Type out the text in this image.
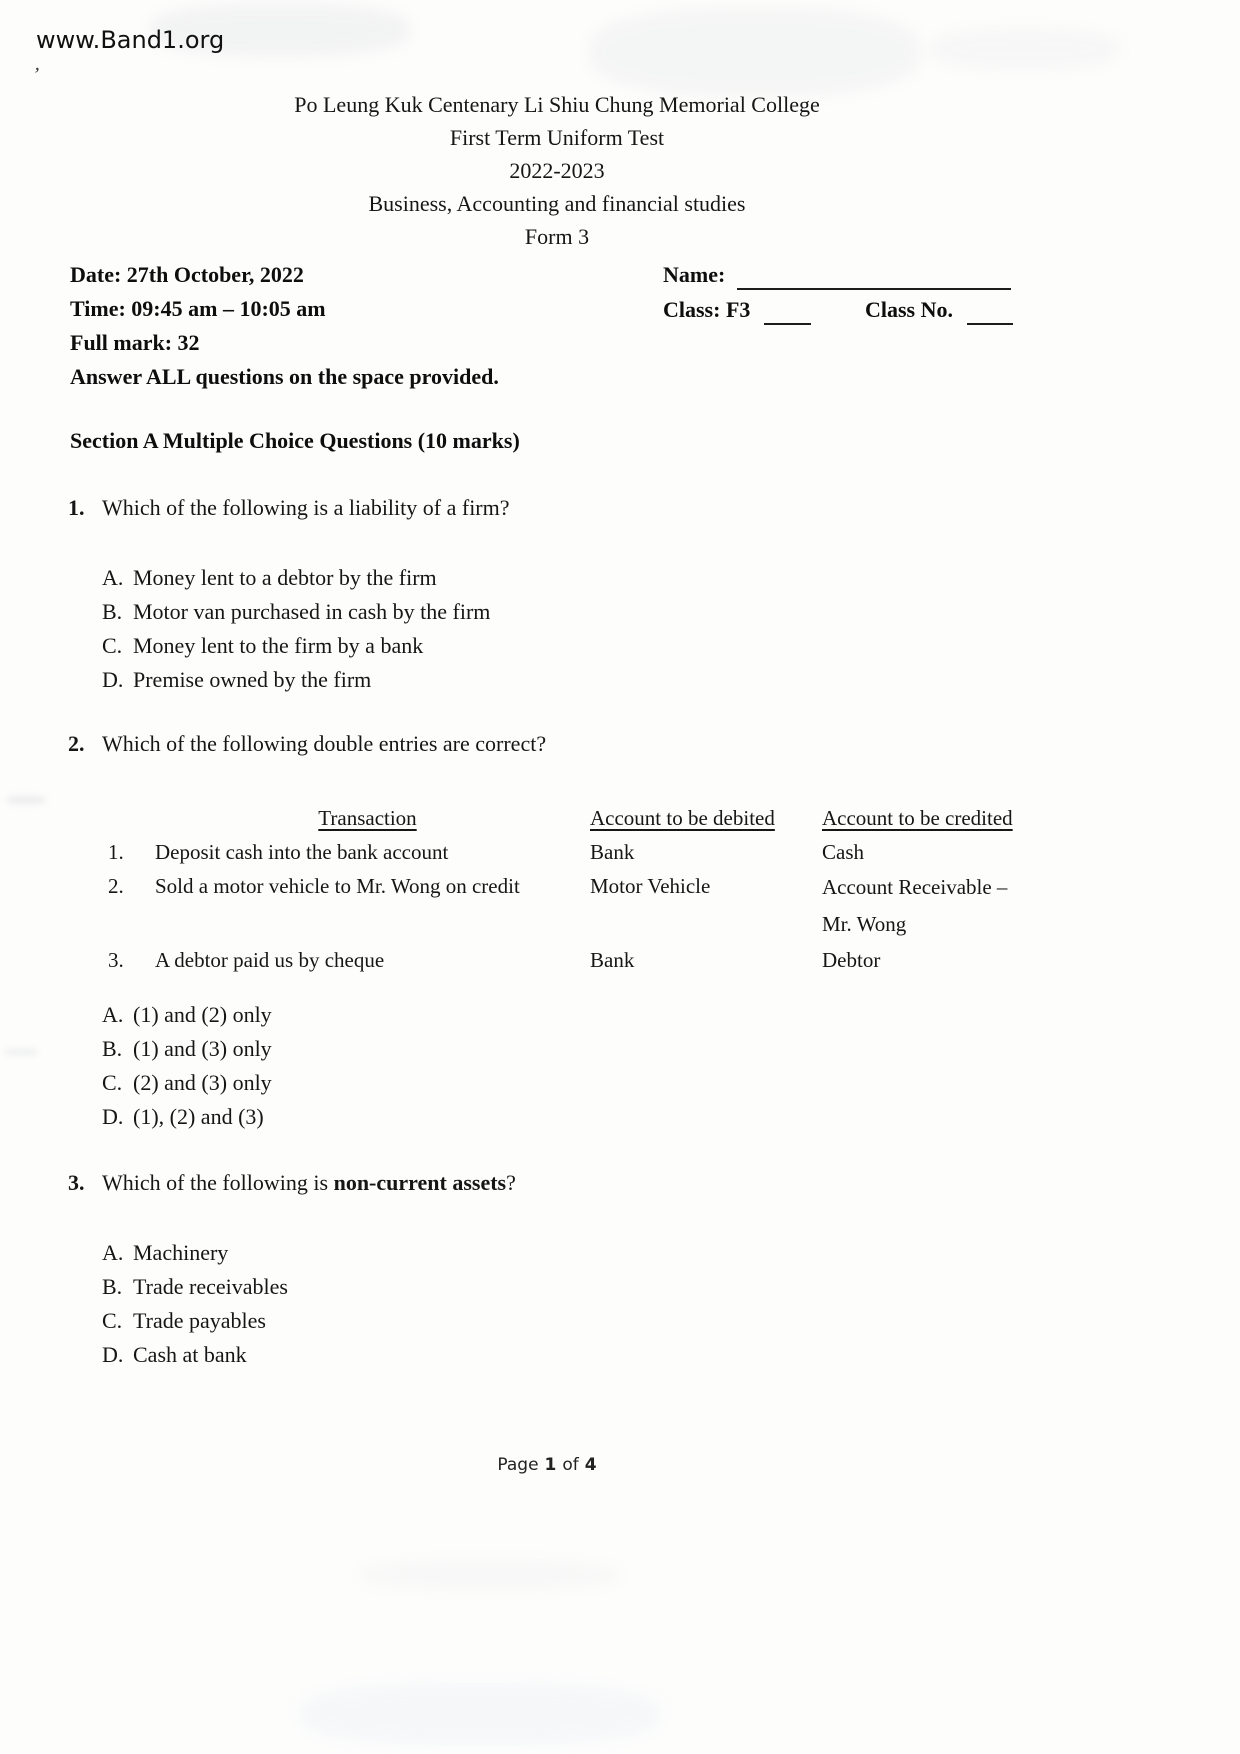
www.Band1.org
ʼ
Po Leung Kuk Centenary Li Shiu Chung Memorial College
First Term Uniform Test
2022-2023
Business, Accounting and financial studies
Form 3
Date: 27th October, 2022
Time: 09:45 am – 10:05 am
Full mark: 32
Answer ALL questions on the space provided.
Name:
Class: F3	Class No.
Section A Multiple Choice Questions (10 marks)
1. Which of the following is a liability of a firm?
A. Money lent to a debtor by the firm
B. Motor van purchased in cash by the firm
C. Money lent to the firm by a bank
D. Premise owned by the firm
2. Which of the following double entries are correct?
Transaction	Account to be debited	Account to be credited
1.	Deposit cash into the bank account	Bank	Cash
2.	Sold a motor vehicle to Mr. Wong on credit	Motor Vehicle	Account Receivable –
Mr. Wong
3.	A debtor paid us by cheque	Bank	Debtor
A. (1) and (2) only
B. (1) and (3) only
C. (2) and (3) only
D. (1), (2) and (3)
3. Which of the following is non-current assets?
A. Machinery
B. Trade receivables
C. Trade payables
D. Cash at bank
Page 1 of 4
